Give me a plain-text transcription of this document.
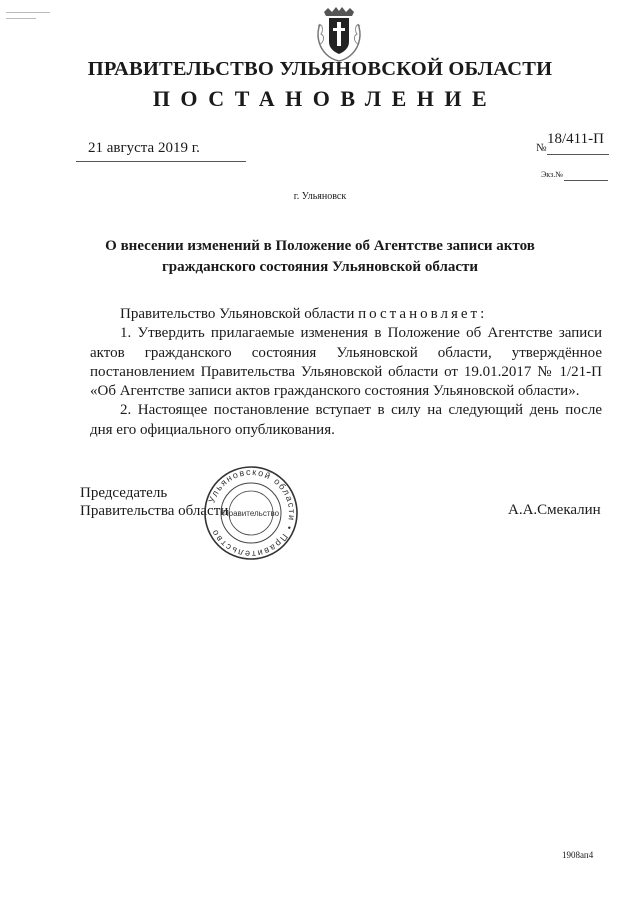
ПРАВИТЕЛЬСТВО УЛЬЯНОВСКОЙ ОБЛАСТИ
ПОСТАНОВЛЕНИЕ
21 августа 2019 г.	№
18/411-П
Экз.№
г. Ульяновск
О внесении изменений в Положение об Агентстве записи актов
гражданского состояния Ульяновской области

Правительство Ульяновской области постановляет:

1. Утвердить прилагаемые изменения в Положение об Агентстве записи актов гражданского состояния Ульяновской области, утверждённое постановлением Правительства Ульяновской области от 19.01.2017 № 1/21-П «Об Агентстве записи актов гражданского состояния Ульяновской области».

2. Настоящее постановление вступает в силу на следующий день после дня его официального опубликования.

Председатель
Правительства области	А.А.Смекалин
Ульяновской области • Правительство
Правительство
1908ап4
